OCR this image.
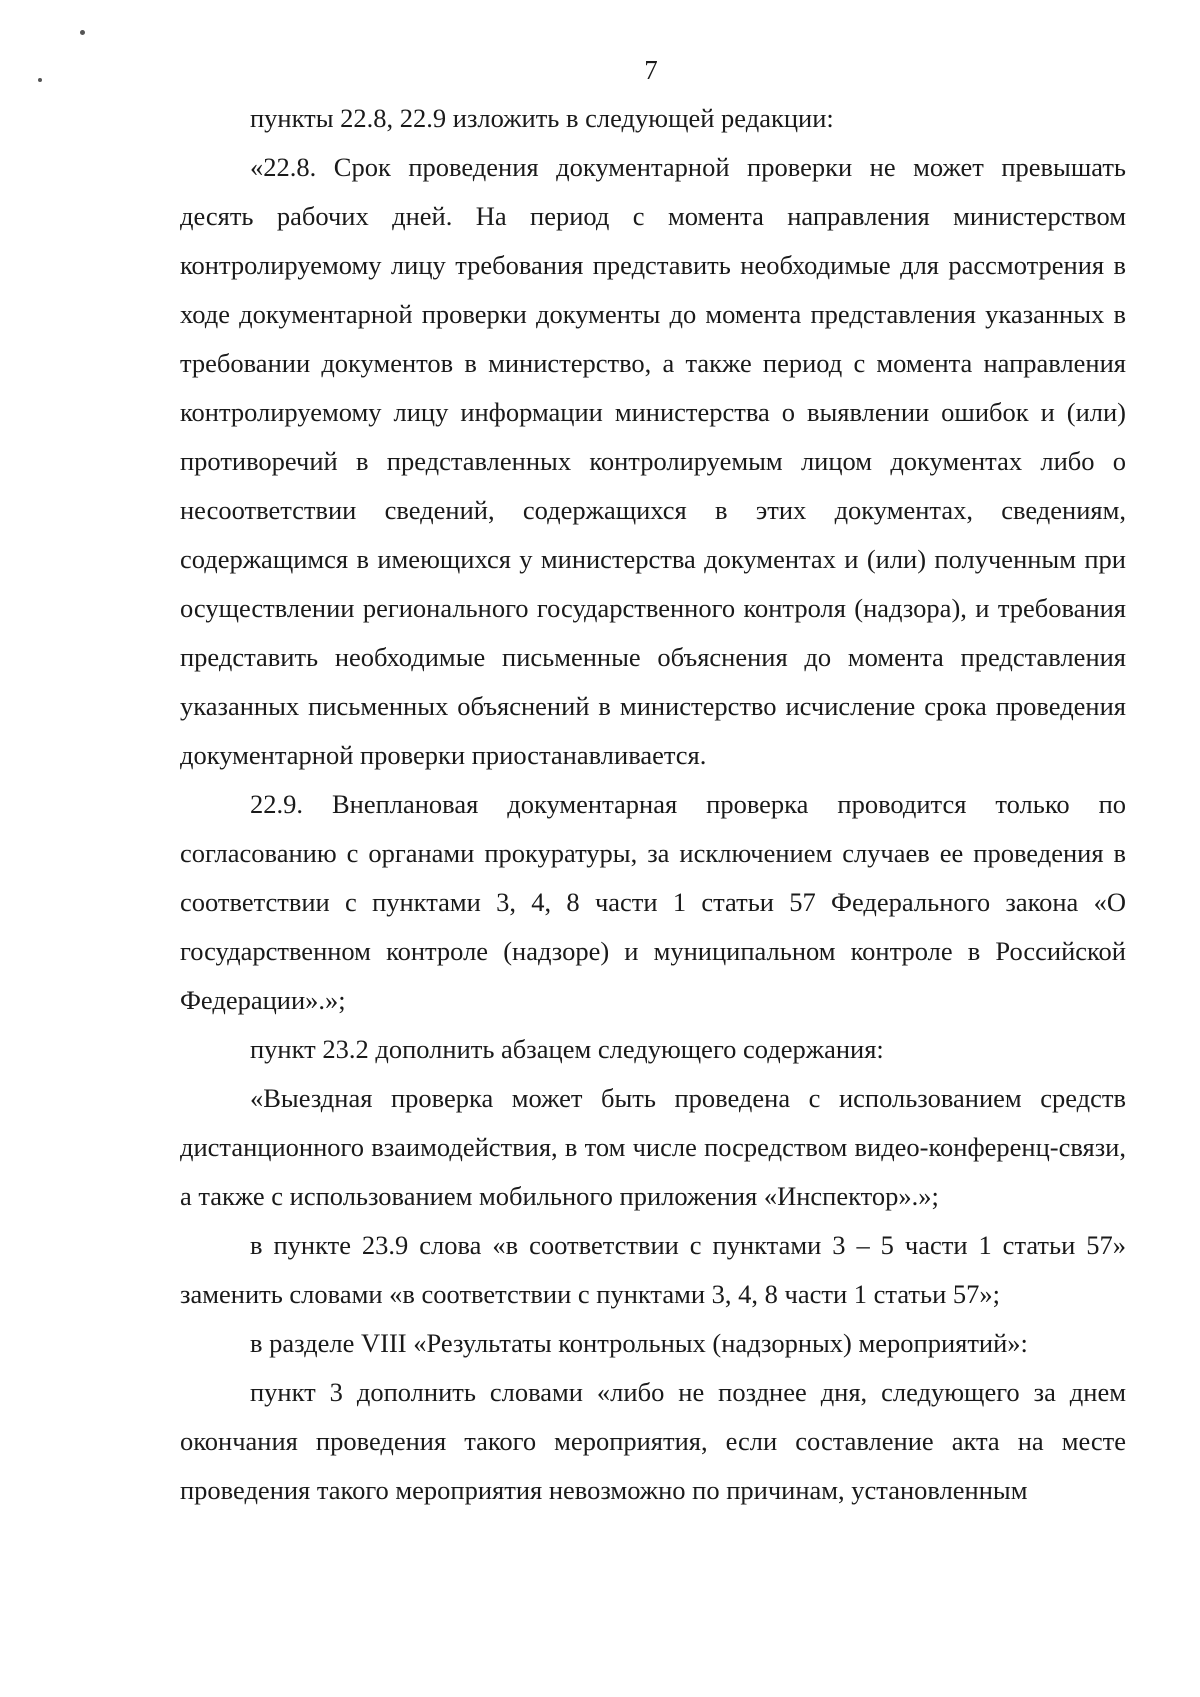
7

пункты 22.8, 22.9 изложить в следующей редакции:

«22.8. Срок проведения документарной проверки не может превышать десять рабочих дней. На период с момента направления министерством контролируемому лицу требования представить необходимые для рассмотрения в ходе документарной проверки документы до момента представления указанных в требовании документов в министерство, а также период с момента направления контролируемому лицу информации министерства о выявлении ошибок и (или) противоречий в представленных контролируемым лицом документах либо о несоответствии сведений, содержащихся в этих документах, сведениям, содержащимся в имеющихся у министерства документах и (или) полученным при осуществлении регионального государственного контроля (надзора), и требования представить необходимые письменные объяснения до момента представления указанных письменных объяснений в министерство исчисление срока проведения документарной проверки приостанавливается.

22.9. Внеплановая документарная проверка проводится только по согласованию с органами прокуратуры, за исключением случаев ее проведения в соответствии с пунктами 3, 4, 8 части 1 статьи 57 Федерального закона «О государственном контроле (надзоре) и муниципальном контроле в Российской Федерации».»;

пункт 23.2 дополнить абзацем следующего содержания:

«Выездная проверка может быть проведена с использованием средств дистанционного взаимодействия, в том числе посредством видео-конференц-связи, а также с использованием мобильного приложения «Инспектор».»;

в пункте 23.9 слова «в соответствии с пунктами 3 – 5 части 1 статьи 57» заменить словами «в соответствии с пунктами 3, 4, 8 части 1 статьи 57»;

в разделе VIII «Результаты контрольных (надзорных) мероприятий»:

пункт 3 дополнить словами «либо не позднее дня, следующего за днем окончания проведения такого мероприятия, если составление акта на месте проведения такого мероприятия невозможно по причинам, установленным
